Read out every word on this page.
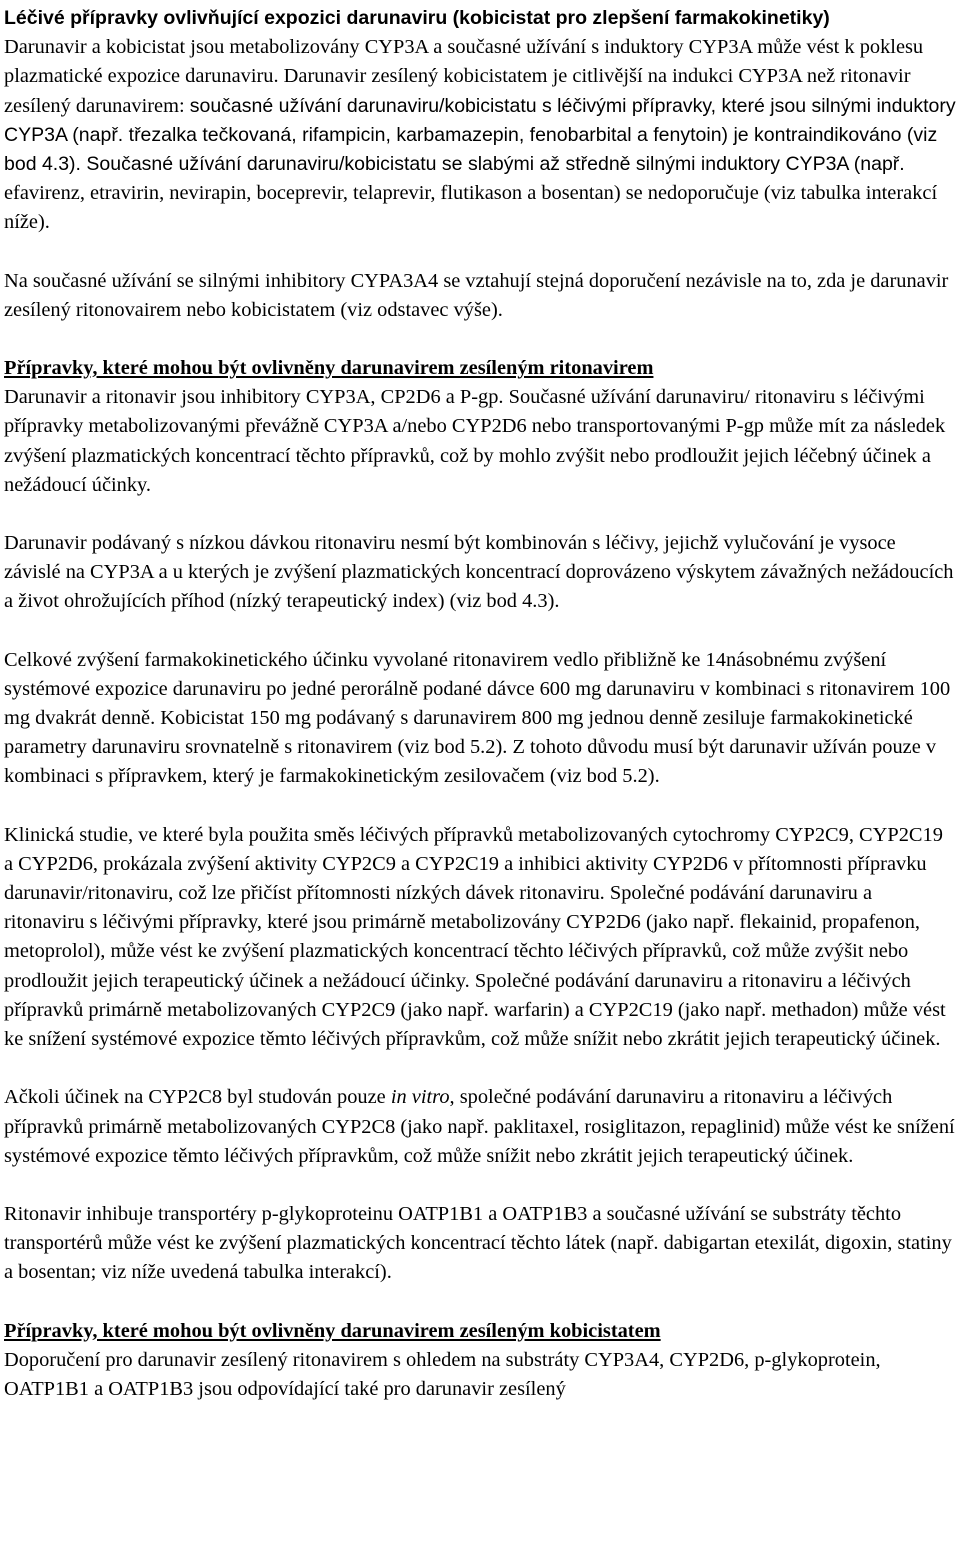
Léčivé přípravky ovlivňující expozici darunaviru (kobicistat pro zlepšení farmakokinetiky)

Darunavir a kobicistat jsou metabolizovány CYP3A a současné užívání s induktory CYP3A může vést k poklesu plazmatické expozice darunaviru. Darunavir zesílený kobicistatem je citlivější na indukci CYP3A než ritonavir zesílený darunavirem: současné užívání darunaviru/kobicistatu s léčivými přípravky, které jsou silnými induktory CYP3A (např. třezalka tečkovaná, rifampicin, karbamazepin, fenobarbital a fenytoin) je kontraindikováno (viz bod 4.3). Současné užívání darunaviru/kobicistatu se slabými až středně silnými induktory CYP3A (např. efavirenz, etravirin, nevirapin, boceprevir, telaprevir, flutikason a bosentan) se nedoporučuje (viz tabulka interakcí níže).

Na současné užívání se silnými inhibitory CYPA3A4 se vztahují stejná doporučení nezávisle na to, zda je darunavir zesílený ritonovairem nebo kobicistatem (viz odstavec výše).

Přípravky, které mohou být ovlivněny darunavirem zesíleným ritonavirem

Darunavir a ritonavir jsou inhibitory CYP3A, CP2D6 a P-gp. Současné užívání darunaviru/ ritonaviru s léčivými přípravky metabolizovanými převážně CYP3A a/nebo CYP2D6 nebo transportovanými P-gp může mít za následek zvýšení plazmatických koncentrací těchto přípravků, což by mohlo zvýšit nebo prodloužit jejich léčebný účinek a nežádoucí účinky.

Darunavir podávaný s nízkou dávkou ritonaviru nesmí být kombinován s léčivy, jejichž vylučování je vysoce závislé na CYP3A a u kterých je zvýšení plazmatických koncentrací doprovázeno výskytem závažných nežádoucích a život ohrožujících příhod (nízký terapeutický index) (viz bod 4.3).

Celkové zvýšení farmakokinetického účinku vyvolané ritonavirem vedlo přibližně ke 14násobnému zvýšení systémové expozice darunaviru po jedné perorálně podané dávce 600 mg darunaviru v kombinaci s ritonavirem 100 mg dvakrát denně. Kobicistat 150 mg podávaný s darunavirem 800 mg jednou denně zesiluje farmakokinetické parametry darunaviru srovnatelně s ritonavirem (viz bod 5.2). Z tohoto důvodu musí být darunavir užíván pouze v kombinaci s přípravkem, který je farmakokinetickým zesilovačem (viz bod 5.2).

Klinická studie, ve které byla použita směs léčivých přípravků metabolizovaných cytochromy CYP2C9, CYP2C19 a CYP2D6, prokázala zvýšení aktivity CYP2C9 a CYP2C19 a inhibici aktivity CYP2D6 v přítomnosti přípravku darunavir/ritonaviru, což lze přičíst přítomnosti nízkých dávek ritonaviru. Společné podávání darunaviru a ritonaviru s léčivými přípravky, které jsou primárně metabolizovány CYP2D6 (jako např. flekainid, propafenon, metoprolol), může vést ke zvýšení plazmatických koncentrací těchto léčivých přípravků, což může zvýšit nebo prodloužit jejich terapeutický účinek a nežádoucí účinky. Společné podávání darunaviru a ritonaviru a léčivých přípravků primárně metabolizovaných CYP2C9 (jako např. warfarin) a CYP2C19 (jako např. methadon) může vést ke snížení systémové expozice těmto léčivých přípravkům, což může snížit nebo zkrátit jejich terapeutický účinek.

Ačkoli účinek na CYP2C8 byl studován pouze in vitro, společné podávání darunaviru a ritonaviru a léčivých přípravků primárně metabolizovaných CYP2C8 (jako např. paklitaxel, rosiglitazon, repaglinid) může vést ke snížení systémové expozice těmto léčivých přípravkům, což může snížit nebo zkrátit jejich terapeutický účinek.

Ritonavir inhibuje transportéry p-glykoproteinu OATP1B1 a OATP1B3 a současné užívání se substráty těchto transportérů může vést ke zvýšení plazmatických koncentrací těchto látek (např. dabigartan etexilát, digoxin, statiny a bosentan; viz níže uvedená tabulka interakcí).

Přípravky, které mohou být ovlivněny darunavirem zesíleným kobicistatem

Doporučení pro darunavir zesílený ritonavirem s ohledem na substráty CYP3A4, CYP2D6, p-glykoprotein, OATP1B1 a OATP1B3 jsou odpovídající také pro darunavir zesílený
